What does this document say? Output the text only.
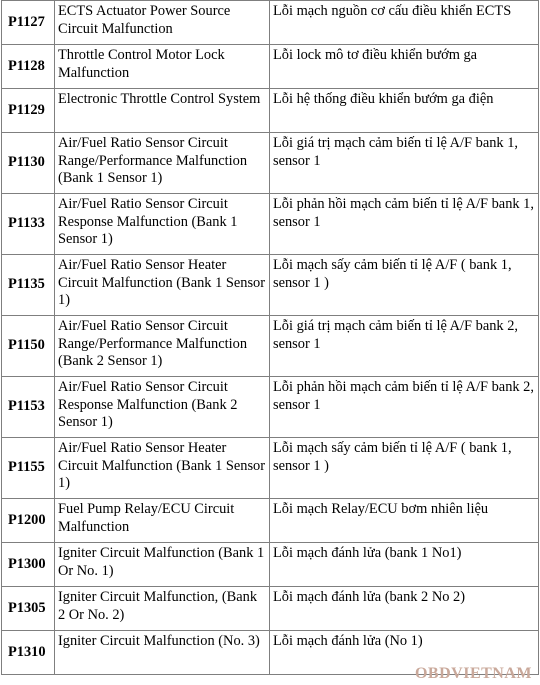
P1127	ECTS Actuator Power Source Circuit Malfunction	Lỗi mạch nguồn cơ cấu điều khiển ECTS
P1128	Throttle Control Motor Lock Malfunction	Lỗi lock mô tơ điều khiển bướm ga
P1129	Electronic Throttle Control System	Lỗi hệ thống điều khiển bướm ga điện
P1130	Air/Fuel Ratio Sensor Circuit Range/Performance Malfunction (Bank 1 Sensor 1)	Lỗi giá trị mạch cảm biến tỉ lệ A/F bank 1, sensor 1
P1133	Air/Fuel Ratio Sensor Circuit Response Malfunction (Bank 1 Sensor 1)	Lỗi phản hồi mạch cảm biến tỉ lệ A/F bank 1, sensor 1
P1135	Air/Fuel Ratio Sensor Heater Circuit Malfunction (Bank 1 Sensor 1)	Lỗi mạch sấy cảm biến tỉ lệ A/F ( bank 1, sensor 1 )
P1150	Air/Fuel Ratio Sensor Circuit Range/Performance Malfunction (Bank 2 Sensor 1)	Lỗi giá trị mạch cảm biến tỉ lệ A/F bank 2, sensor 1
P1153	Air/Fuel Ratio Sensor Circuit Response Malfunction (Bank 2 Sensor 1)	Lỗi phản hồi mạch cảm biến tỉ lệ A/F bank 2, sensor 1
P1155	Air/Fuel Ratio Sensor Heater Circuit Malfunction (Bank 1 Sensor 1)	Lỗi mạch sấy cảm biến tỉ lệ A/F ( bank 1, sensor 1 )
P1200	Fuel Pump Relay/ECU Circuit Malfunction	Lỗi mạch Relay/ECU bơm nhiên liệu
P1300	Igniter Circuit Malfunction (Bank 1 Or No. 1)	Lỗi mạch đánh lửa (bank 1 No1)
P1305	Igniter Circuit Malfunction, (Bank 2 Or No. 2)	Lỗi mạch đánh lửa (bank 2 No 2)
P1310	Igniter Circuit Malfunction (No. 3)	Lỗi mạch đánh lửa (No 1)
OBDVIETNAM
